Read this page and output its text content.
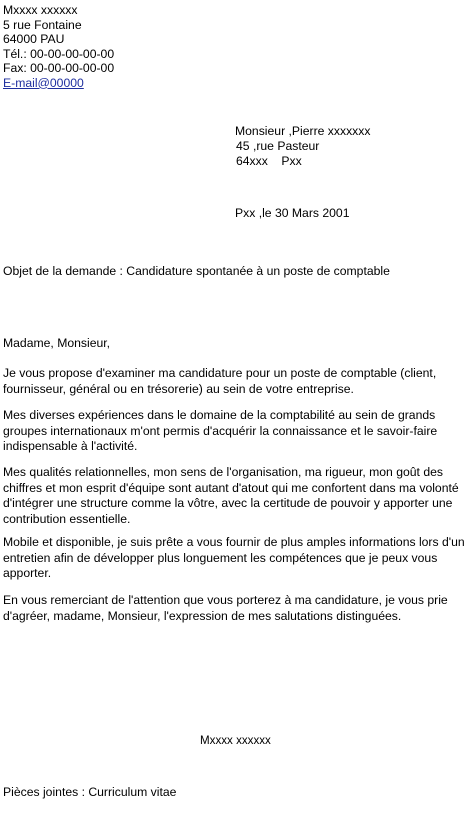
Mxxxx xxxxxx
5 rue Fontaine
64000 PAU
Tél.: 00-00-00-00-00
Fax: 00-00-00-00-00
E-mail@00000
Monsieur ,Pierre xxxxxxx
45 ,rue Pasteur
64xxx    Pxx
Pxx ,le 30 Mars 2001
Objet de la demande : Candidature spontanée à un poste de comptable
Madame, Monsieur,
Je vous propose d'examiner ma candidature pour un poste de comptable (client,
fournisseur, général ou en trésorerie) au sein de votre entreprise.
Mes diverses expériences dans le domaine de la comptabilité au sein de grands
groupes internationaux m'ont permis d'acquérir la connaissance et le savoir-faire
indispensable à l'activité.
Mes qualités relationnelles, mon sens de l'organisation, ma rigueur, mon goût des
chiffres et mon esprit d'équipe sont autant d'atout qui me confortent dans ma volonté
d'intégrer une structure comme la vôtre, avec la certitude de pouvoir y apporter une
contribution essentielle.
Mobile et disponible, je suis prête a vous fournir de plus amples informations lors d'un
entretien afin de développer plus longuement les compétences que je peux vous
apporter.
En vous remerciant de l'attention que vous porterez à ma candidature, je vous prie
d'agréer, madame, Monsieur, l'expression de mes salutations distinguées.
Mxxxx xxxxxx
Pièces jointes : Curriculum vitae
